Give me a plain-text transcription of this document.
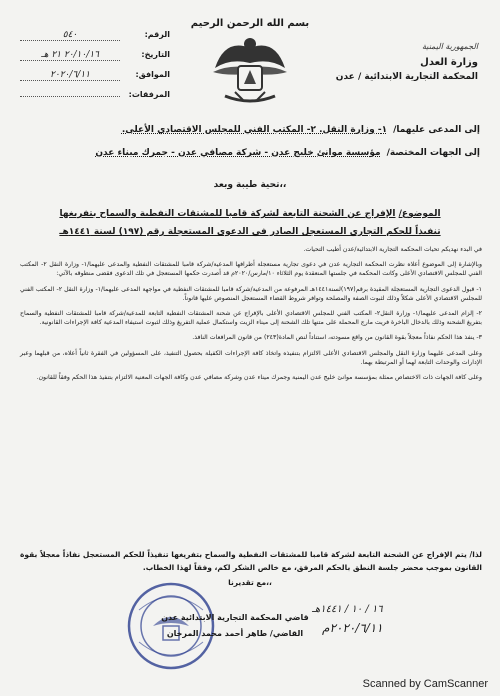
بسم الله الرحمن الرحيم
الجمهورية اليمنية
وزارة العدل
المحكمة التجارية الابتدائية / عدن
الرقم:
٥٤٠
التاريخ:
٢٠/١٠/١٦ ٢١ هـ
الموافق:
٢٠٢٠/٦/١١
المرفقات:
إلى المدعى عليهما/
١- وزارة النقل. ٢- المكتب الفني للمجلس الاقتصادي الأعلى.
إلى الجهات المختصة/
مؤسسة موانئ خليج عدن - شركة مصافي عدن - جمرك ميناء عدن
تحية طيبة وبعد،،
الموضوع/ الإفراج عن الشحنة التابعة لشركة قامبا للمشتقات النفطية والسماح بتفريغها
تنفيذاً للحكم التجاري المستعجل الصادر في الدعوى المستعجلة رقم (١٩٧) لسنة ١٤٤١هـ

في البدء نهديكم تحيات المحكمة التجارية الابتدائية/عدن أطيب التحيات.

وبالإشارة إلى الموضوع أعلاه نظرت المحكمة التجارية عدن في دعوى تجارية مستعجلة أطرافها المدعية/شركة قامبا للمشتقات النفطية والمدعى عليهما/١- وزارة النقل ٢- المكتب الفني للمجلس الاقتصادي الأعلى وكانت المحكمة في جلستها المنعقدة يوم الثلاثاء ١٠/مارس/٢٠٢٠م قد أصدرت حكمها المستعجل في تلك الدعوى فقضى منطوقه بالآتي:

١- قبول الدعوى التجارية المستعجلة المقيدة برقم(١٩٧)لسنة١٤٤١هـ المرفوعة من المدعية/شركة قامبا للمشتقات النفطية في مواجهة المدعى عليهما/١- وزارة النقل ٢- المكتب الفني للمجلس الاقتصادي الأعلى شكلاً وذلك لثبوت الصفة والمصلحة وتوافر شروط القضاء المستعجل المنصوص عليها قانوناً.

٢- إلزام المدعى عليهما/١- وزارة النقل٢- المكتب الفني للمجلس الاقتصادي الأعلى بالإفراج عن شحنة المشتقات النفطية التابعة للمدعية/شركة قامبا للمشتقات النفطية والسماح بتفريغ الشحنة وذلك بالدخال الباخرة فريت مارج المحملة على متنها تلك الشحنة إلى ميناء الزيت واستكمال عملية التفريغ وذلك لثبوت استيفاء المدعية كافة الإجراءات القانونية.

٣- ينفذ هذا الحكم نفاذاً معجلاً بقوة القانون من واقع مسودته، استناداً لنص المادة(٢٤٣) من قانون المرافعات النافذ.

وعلى المدعى عليهما وزارة النقل والمجلس الاقتصادي الأعلى الالتزام بتنفيذه واتخاذ كافة الإجراءات الكفيلة بحصول التنفيذ، على المسؤولين في الفقرة ثانياً أعلاه، من قبلهما وعبر الإدارات والوحدات التابعة لهما أو المرتبطة بهما.

وعلى كافة الجهات ذات الاختصاص ممثلة بمؤسسة موانئ خليج عدن اليمنية وجمرك ميناء عدن وشركة مصافي عدن وكافة الجهات المعنية الالتزام بتنفيذ هذا الحكم وفقاً للقانون.

لذا/ يتم الإفراج عن الشحنة التابعة لشركة قامبا للمشتقات النفطية والسماح بتفريغها تنفيذاً للحكم المستعجل نفاذاً معجلاً بقوة القانون بموجب محضر جلسة النطق بالحكم المرفق، مع خالص الشكر لكم، وفقاً لهذا الخطاب.
مع تقديرنا،،
قاضي المحكمة التجارية الابتدائية عدن
القاضي/ طاهر أحمد محمد المرخان
١٦ / ١٠ / ١٤٤١هـ
٢٠٢٠/٦/١١م
Scanned by CamScanner
